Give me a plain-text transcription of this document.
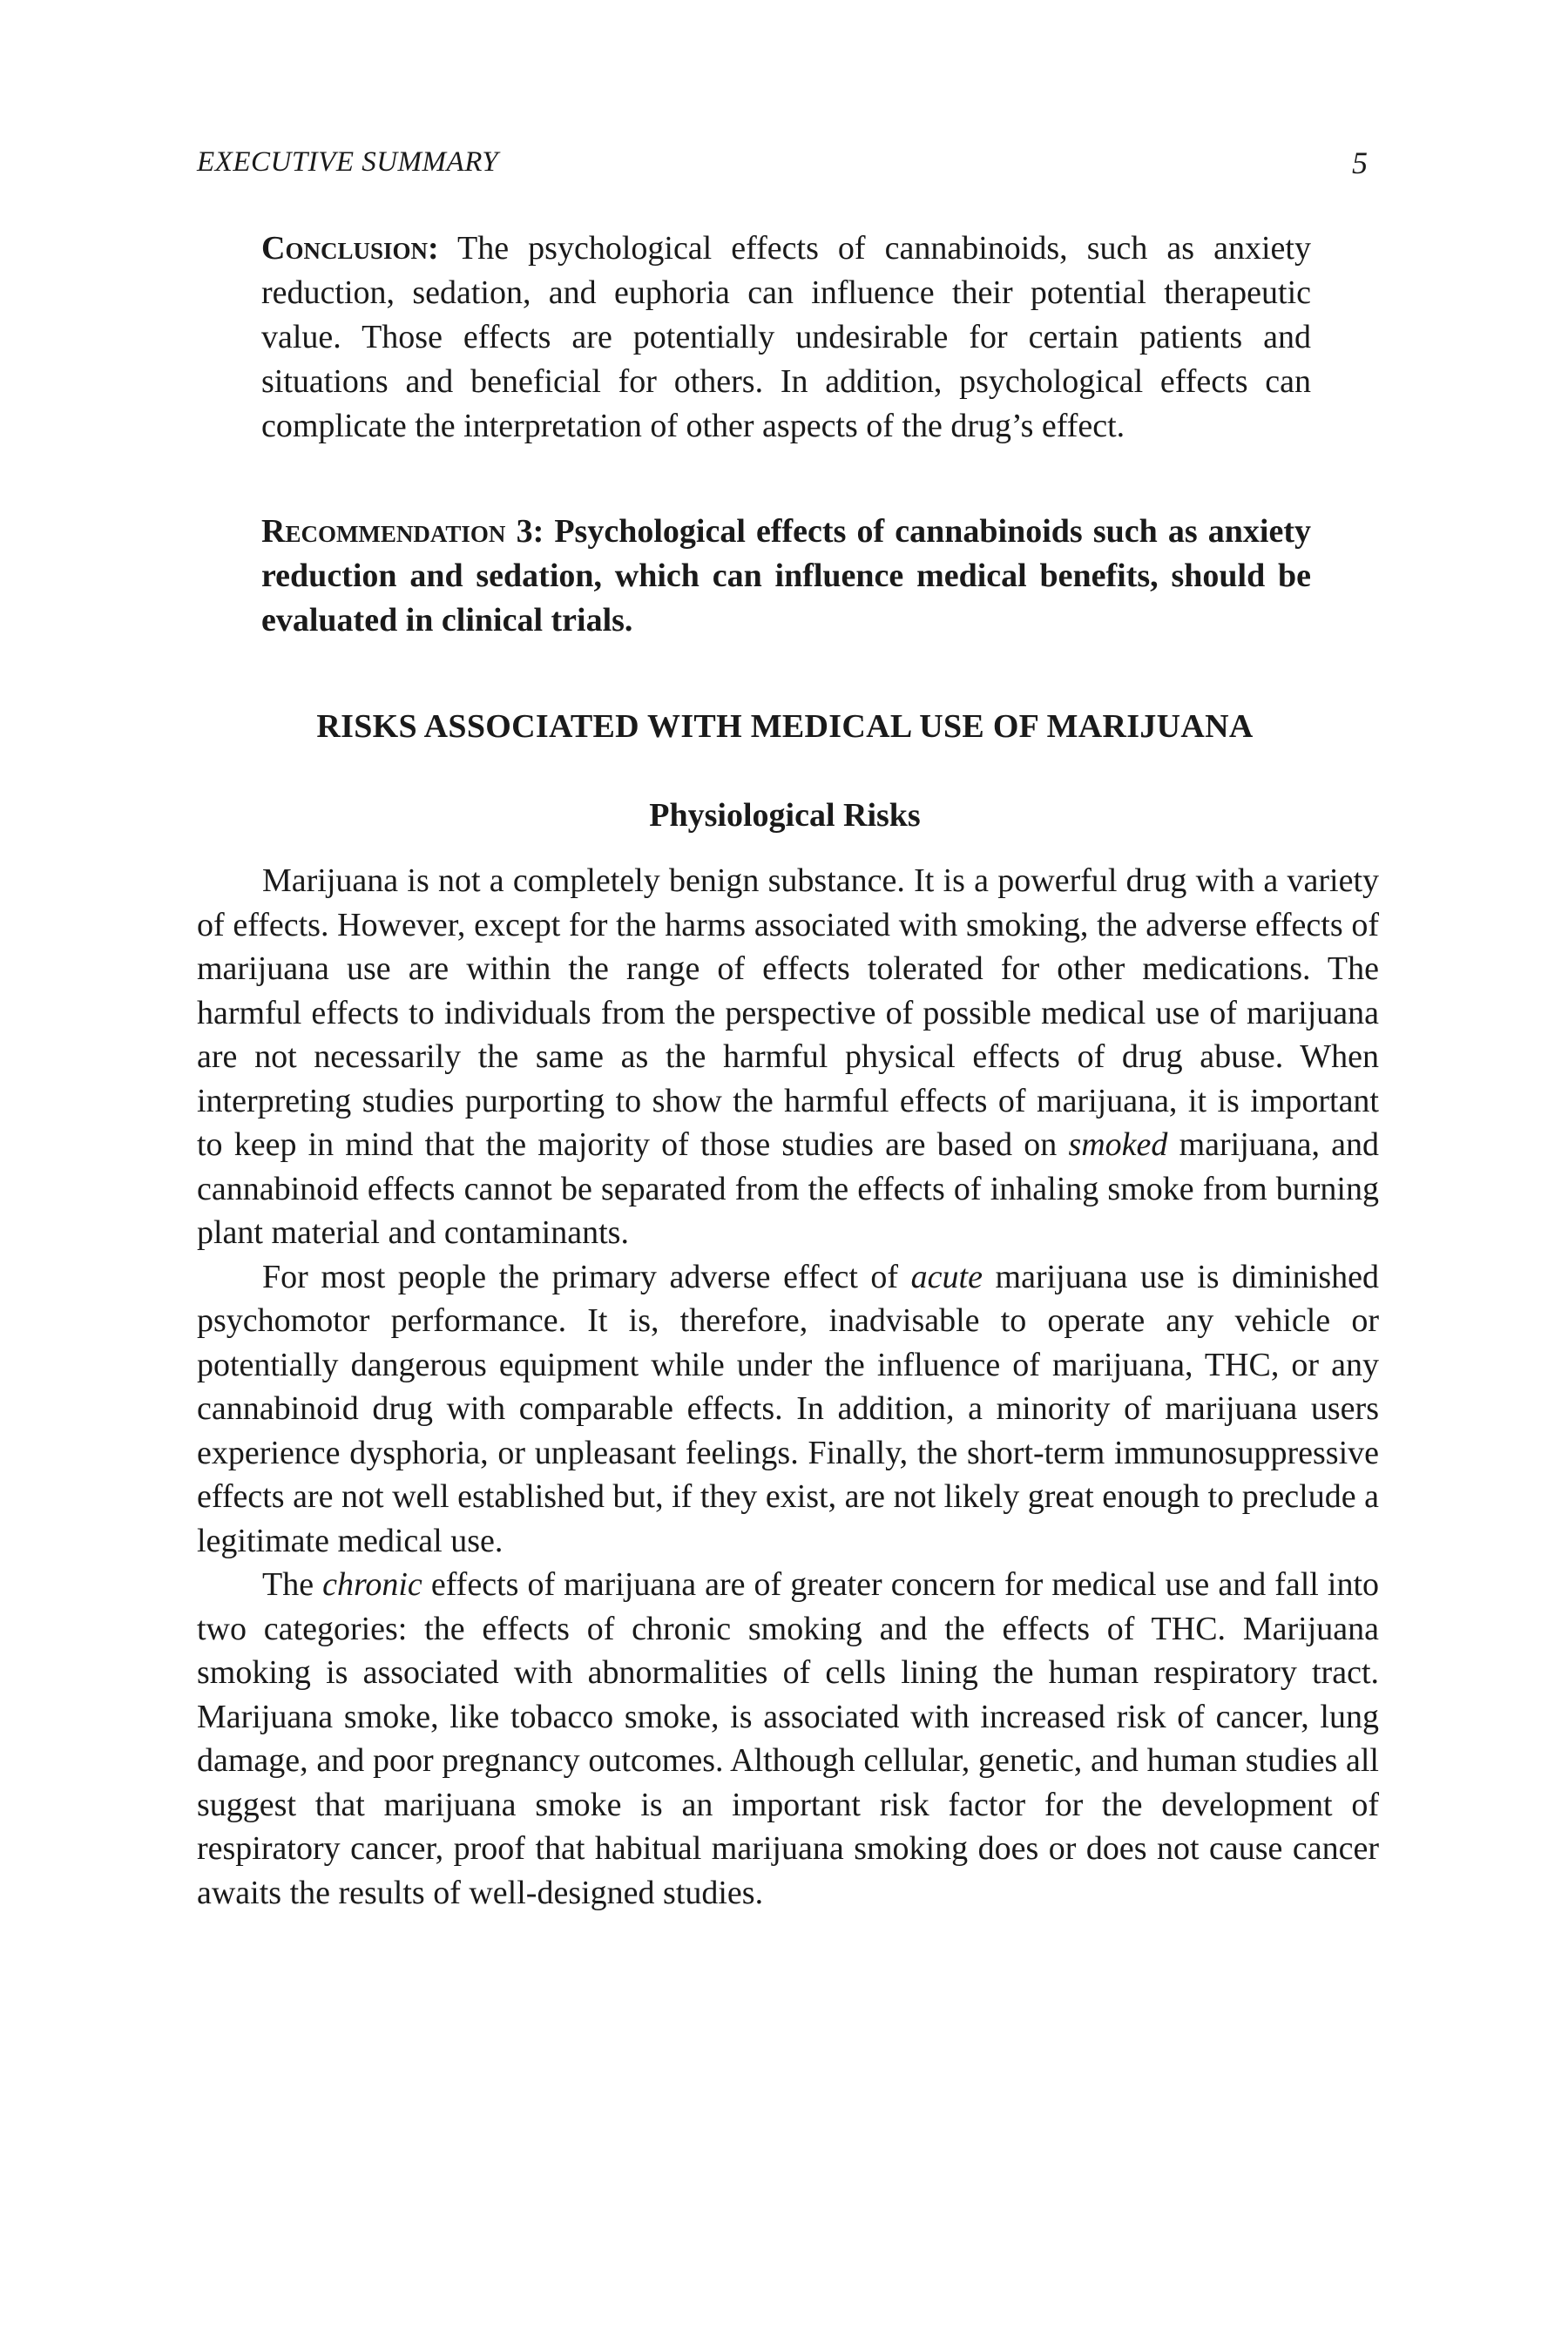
EXECUTIVE SUMMARY	5
Conclusion: The psychological effects of cannabinoids, such as anxiety reduction, sedation, and euphoria can influence their potential therapeutic value. Those effects are potentially undesirable for certain patients and situations and beneficial for others. In addition, psychological effects can complicate the interpretation of other aspects of the drug’s effect.
Recommendation 3: Psychological effects of cannabinoids such as anxiety reduction and sedation, which can influence medical benefits, should be evaluated in clinical trials.
RISKS ASSOCIATED WITH MEDICAL USE OF MARIJUANA
Physiological Risks

Marijuana is not a completely benign substance. It is a powerful drug with a variety of effects. However, except for the harms associated with smoking, the adverse effects of marijuana use are within the range of effects tolerated for other medications. The harmful effects to individuals from the perspective of possible medical use of marijuana are not necessarily the same as the harmful physical effects of drug abuse. When interpreting studies purporting to show the harmful effects of marijuana, it is important to keep in mind that the majority of those studies are based on smoked marijuana, and cannabinoid effects cannot be separated from the effects of inhaling smoke from burning plant material and contaminants.

For most people the primary adverse effect of acute marijuana use is diminished psychomotor performance. It is, therefore, inadvisable to operate any vehicle or potentially dangerous equipment while under the influence of marijuana, THC, or any cannabinoid drug with comparable effects. In addition, a minority of marijuana users experience dysphoria, or unpleasant feelings. Finally, the short-term immunosuppressive effects are not well established but, if they exist, are not likely great enough to preclude a legitimate medical use.

The chronic effects of marijuana are of greater concern for medical use and fall into two categories: the effects of chronic smoking and the effects of THC. Marijuana smoking is associated with abnormalities of cells lining the human respiratory tract. Marijuana smoke, like tobacco smoke, is associated with increased risk of cancer, lung damage, and poor pregnancy outcomes. Although cellular, genetic, and human studies all suggest that marijuana smoke is an important risk factor for the development of respiratory cancer, proof that habitual marijuana smoking does or does not cause cancer awaits the results of well-designed studies.
